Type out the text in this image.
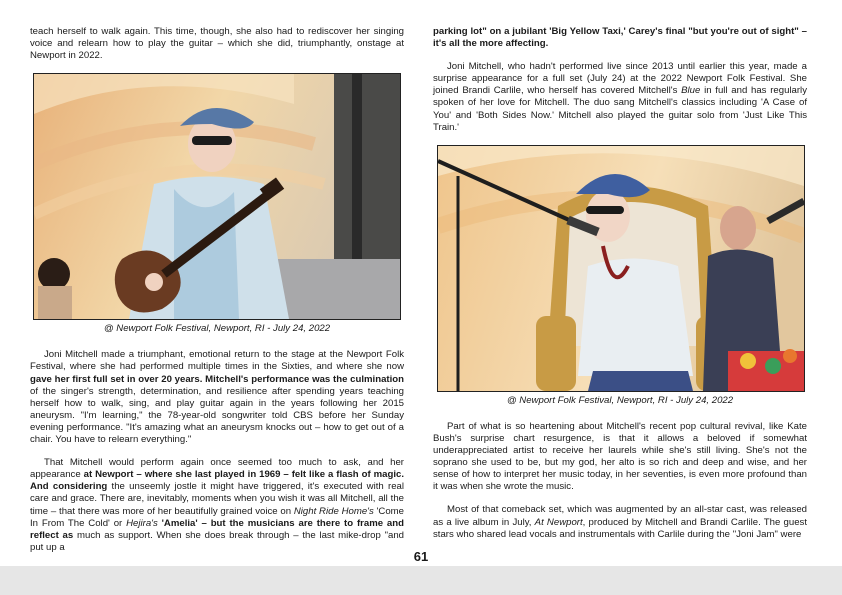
teach herself to walk again. This time, though, she also had to rediscover her singing voice and relearn how to play the guitar – which she did, triumphantly, onstage at Newport in 2022.

@ Newport Folk Festival, Newport, RI - July 24, 2022

Joni Mitchell made a triumphant, emotional return to the stage at the Newport Folk Festival, where she had performed multiple times in the Sixties, and where she now gave her first full set in over 20 years. Mitchell's performance was the culmination of the singer's strength, determination, and resilience after spending years teaching herself how to walk, sing, and play guitar again in the years following her 2015 aneurysm. "I'm learning," the 78-year-old songwriter told CBS before her Sunday evening performance. "It's amazing what an aneurysm knocks out – how to get out of a chair. You have to relearn everything."

That Mitchell would perform again once seemed too much to ask, and her appearance at Newport – where she last played in 1969 – felt like a flash of magic. And considering the unseemly jostle it might have triggered, it's executed with real care and grace. There are, inevitably, moments when you wish it was all Mitchell, all the time – that there was more of her beautifully grained voice on Night Ride Home's 'Come In From The Cold' or Hejira's 'Amelia' – but the musicians are there to frame and reflect as much as support. When she does break through – the last mike-drop "and put up a

parking lot" on a jubilant 'Big Yellow Taxi,' Carey's final "but you're out of sight" – it's all the more affecting.

Joni Mitchell, who hadn't performed live since 2013 until earlier this year, made a surprise appearance for a full set (July 24) at the 2022 Newport Folk Festival. She joined Brandi Carlile, who herself has covered Mitchell's Blue in full and has regularly spoken of her love for Mitchell. The duo sang Mitchell's classics including 'A Case of You' and 'Both Sides Now.' Mitchell also played the guitar solo from 'Just Like This Train.'

@ Newport Folk Festival, Newport, RI - July 24, 2022

Part of what is so heartening about Mitchell's recent pop cultural revival, like Kate Bush's surprise chart resurgence, is that it allows a beloved if somewhat underappreciated artist to receive her laurels while she's still living. She's not the soprano she used to be, but my god, her alto is so rich and deep and wise, and her sense of how to interpret her music today, in her seventies, is even more profound than it was when she wrote the music.

Most of that comeback set, which was augmented by an all-star cast, was released as a live album in July, At Newport, produced by Mitchell and Brandi Carlile. The guest stars who shared lead vocals and instrumentals with Carlile during the "Joni Jam" were

61
